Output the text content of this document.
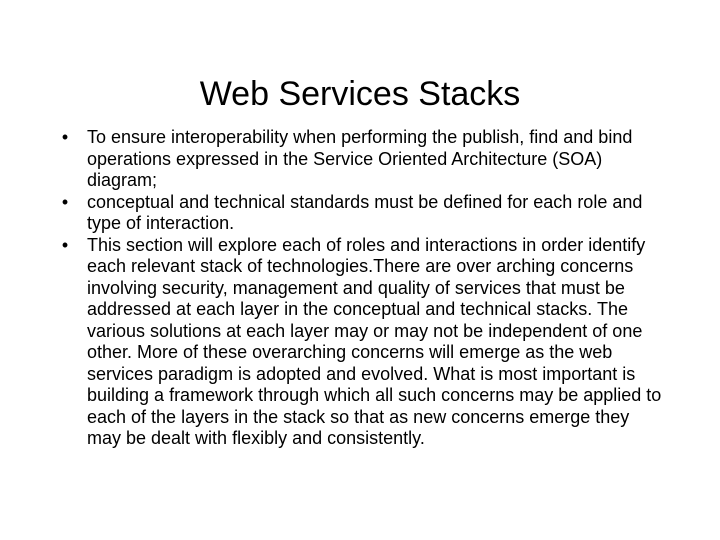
Web Services Stacks
• To ensure interoperability when performing the publish, find and bind operations expressed in the Service Oriented Architecture (SOA) diagram;
• conceptual and technical standards must be defined for each role and type of interaction.
• This section will explore each of roles and interactions in order identify each relevant stack of technologies.There are over arching concerns involving security, management and quality of services that must be addressed at each layer in the conceptual and technical stacks. The various solutions at each layer may or may not be independent of one other. More of these overarching concerns will emerge as the web services paradigm is adopted and evolved. What is most important is building a framework through which all such concerns may be applied to each of the layers in the stack so that as new concerns emerge they may be dealt with flexibly and consistently.
